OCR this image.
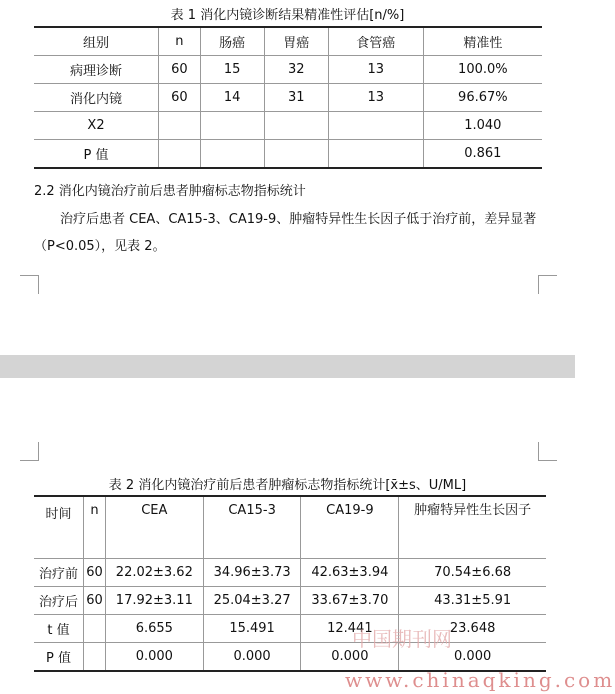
表 1 消化内镜诊断结果精准性评估[n/%]
组别	n	肠癌	胃癌	食管癌	精准性
病理诊断	60	15	32	13	100.0%
消化内镜	60	14	31	13	96.67%
X2					1.040
P 值					0.861
2.2 消化内镜治疗前后患者肿瘤标志物指标统计
治疗后患者 CEA、CA15-3、CA19-9、肿瘤特异性生长因子低于治疗前，差异显著（P<0.05），见表 2。
表 2 消化内镜治疗前后患者肿瘤标志物指标统计[x̄±s、U/ML]
时间	n	CEA	CA15-3	CA19-9	肿瘤特异性生长因子
治疗前	60	22.02±3.62	34.96±3.73	42.63±3.94	70.54±6.68
治疗后	60	17.92±3.11	25.04±3.27	33.67±3.70	43.31±5.91
t 值		6.655	15.491	12.441	23.648
P 值		0.000	0.000	0.000	0.000
中国期刊网
www.chinaqking.com
